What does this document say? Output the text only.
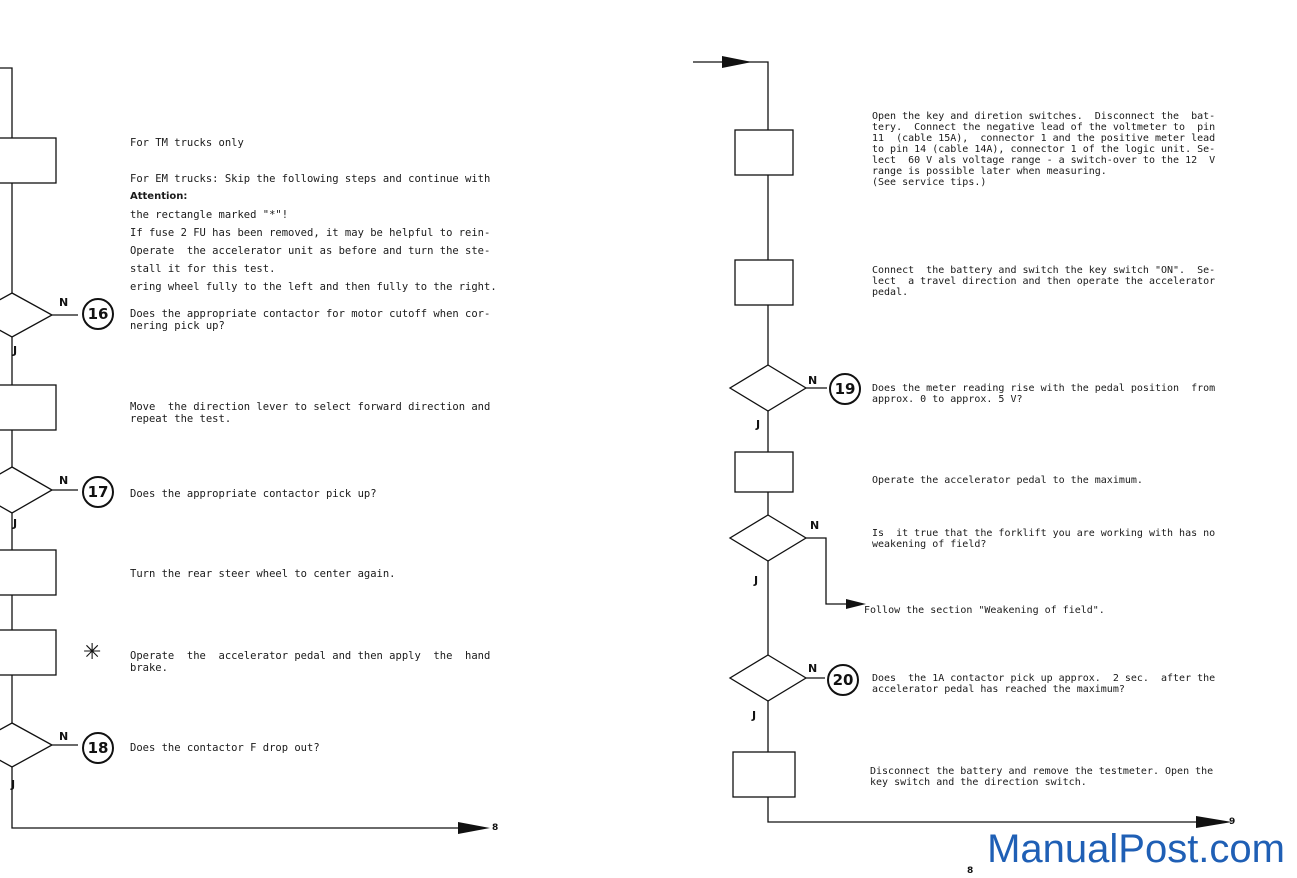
For TM trucks only

For EM trucks: Skip the following steps and continue with

the rectangle marked "*"!

Operate  the accelerator unit as before and turn the ste-

ering wheel fully to the left and then fully to the right.

Attention:

If fuse 2 FU has been removed, it may be helpful to rein-

stall it for this test.

N
16	Does the appropriate contactor for motor cutoff when cor-
nering pick up?
J
Move  the direction lever to select forward direction and
repeat the test.
N
17	Does the appropriate contactor pick up?
J
Turn the rear steer wheel to center again.
✳	Operate  the  accelerator pedal and then apply  the  hand
brake.
N
18	Does the contactor F drop out?
J
8
Open the key and diretion switches.  Disconnect the  bat-
tery.  Connect the negative lead of the voltmeter to  pin
11  (cable 15A),  connector 1 and the positive meter lead
to pin 14 (cable 14A), connector 1 of the logic unit. Se-
lect  60 V als voltage range - a switch-over to the 12  V
range is possible later when measuring.
(See service tips.)
Connect  the battery and switch the key switch "ON".  Se-
lect  a travel direction and then operate the accelerator
pedal.
N	19	Does the meter reading rise with the pedal position  from
approx. 0 to approx. 5 V?
J
Operate the accelerator pedal to the maximum.
N
Is  it true that the forklift you are working with has no
weakening of field?
J
Follow the section "Weakening of field".
N
20	Does  the 1A contactor pick up approx.  2 sec.  after the
accelerator pedal has reached the maximum?
J
Disconnect the battery and remove the testmeter. Open the
key switch and the direction switch.
9
8 ManualPost.com
